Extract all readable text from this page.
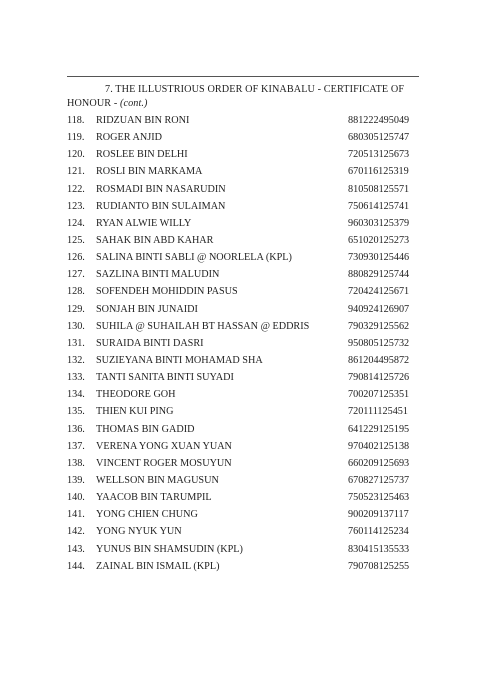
7. THE ILLUSTRIOUS ORDER OF KINABALU - CERTIFICATE OF
HONOUR - (cont.)
118. RIDZUAN BIN RONI	881222495049
119. ROGER ANJID	680305125747
120. ROSLEE BIN DELHI	720513125673
121. ROSLI BIN MARKAMA	670116125319
122. ROSMADI BIN NASARUDIN	810508125571
123. RUDIANTO BIN SULAIMAN	750614125741
124. RYAN ALWIE WILLY	960303125379
125. SAHAK BIN ABD KAHAR	651020125273
126. SALINA BINTI SABLI @ NOORLELA (KPL)	730930125446
127. SAZLINA BINTI MALUDIN	880829125744
128. SOFENDEH MOHIDDIN PASUS	720424125671
129. SONJAH BIN JUNAIDI	940924126907
130. SUHILA @ SUHAILAH BT HASSAN @ EDDRIS	790329125562
131. SURAIDA BINTI DASRI	950805125732
132. SUZIEYANA BINTI MOHAMAD SHA	861204495872
133. TANTI SANITA BINTI SUYADI	790814125726
134. THEODORE GOH	700207125351
135. THIEN KUI PING	720111125451
136. THOMAS BIN GADID	641229125195
137. VERENA YONG XUAN YUAN	970402125138
138. VINCENT ROGER MOSUYUN	660209125693
139. WELLSON BIN MAGUSUN	670827125737
140. YAACOB BIN TARUMPIL	750523125463
141. YONG CHIEN CHUNG	900209137117
142. YONG NYUK YUN	760114125234
143. YUNUS BIN SHAMSUDIN (KPL)	830415135533
144. ZAINAL BIN ISMAIL (KPL)	790708125255
